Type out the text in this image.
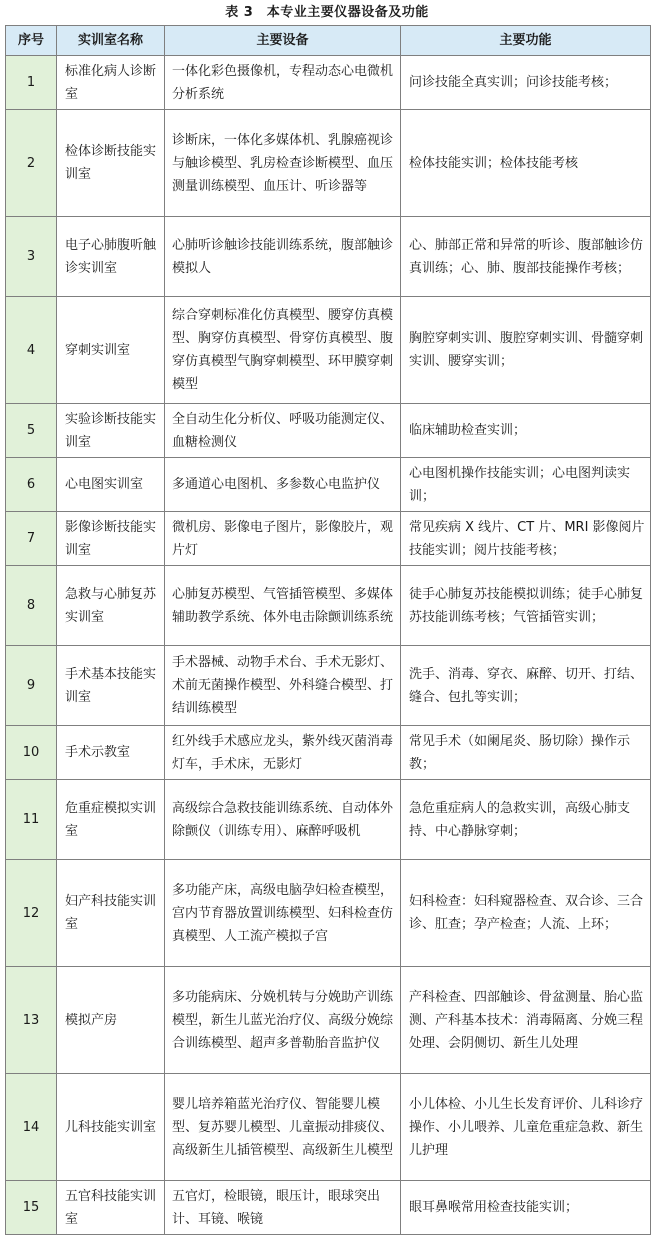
表 3　本专业主要仪器设备及功能
序号	实训室名称	主要设备	主要功能
1	标准化病人诊断室	一体化彩色摄像机，专程动态心电微机分析系统	问诊技能全真实训；问诊技能考核；
2	检体诊断技能实训室	诊断床，一体化多媒体机、乳腺癌视诊与触诊模型、乳房检查诊断模型、血压测量训练模型、血压计、听诊器等	检体技能实训；检体技能考核
3	电子心肺腹听触诊实训室	心肺听诊触诊技能训练系统，腹部触诊模拟人	心、肺部正常和异常的听诊、腹部触诊仿真训练；心、肺、腹部技能操作考核；
4	穿刺实训室	综合穿刺标准化仿真模型、腰穿仿真模型、胸穿仿真模型、骨穿仿真模型、腹穿仿真模型气胸穿刺模型、环甲膜穿刺模型	胸腔穿刺实训、腹腔穿刺实训、骨髓穿刺实训、腰穿实训；
5	实验诊断技能实训室	全自动生化分析仪、呼吸功能测定仪、血糖检测仪	临床辅助检查实训；
6	心电图实训室	多通道心电图机、多参数心电监护仪	心电图机操作技能实训；心电图判读实训；
7	影像诊断技能实训室	微机房、影像电子图片，影像胶片，观片灯	常见疾病 X 线片、CT 片、MRI 影像阅片技能实训；阅片技能考核；
8	急救与心肺复苏实训室	心肺复苏模型、气管插管模型、多媒体辅助教学系统、体外电击除颤训练系统	徒手心肺复苏技能模拟训练；徒手心肺复苏技能训练考核；气管插管实训；
9	手术基本技能实训室	手术器械、动物手术台、手术无影灯、术前无菌操作模型、外科缝合模型、打结训练模型	洗手、消毒、穿衣、麻醉、切开、打结、缝合、包扎等实训；
10	手术示教室	红外线手术感应龙头，紫外线灭菌消毒灯车，手术床，无影灯	常见手术（如阑尾炎、肠切除）操作示教；
11	危重症模拟实训室	高级综合急救技能训练系统、自动体外除颤仪（训练专用）、麻醉呼吸机	急危重症病人的急救实训，高级心肺支持、中心静脉穿刺；
12	妇产科技能实训室	多功能产床，高级电脑孕妇检查模型，宫内节育器放置训练模型、妇科检查仿真模型、人工流产模拟子宫	妇科检查：妇科窥器检查、双合诊、三合诊、肛查；孕产检查；人流、上环；
13	模拟产房	多功能病床、分娩机转与分娩助产训练模型，新生儿蓝光治疗仪、高级分娩综合训练模型、超声多普勒胎音监护仪	产科检查、四部触诊、骨盆测量、胎心监测、产科基本技术：消毒隔离、分娩三程处理、会阴侧切、新生儿处理
14	儿科技能实训室	婴儿培养箱蓝光治疗仪、智能婴儿模型、复苏婴儿模型、儿童振动排痰仪、高级新生儿插管模型、高级新生儿模型	小儿体检、小儿生长发育评价、儿科诊疗操作、小儿喂养、儿童危重症急救、新生儿护理
15	五官科技能实训室	五官灯，检眼镜，眼压计，眼球突出计、耳镜、喉镜	眼耳鼻喉常用检查技能实训；
